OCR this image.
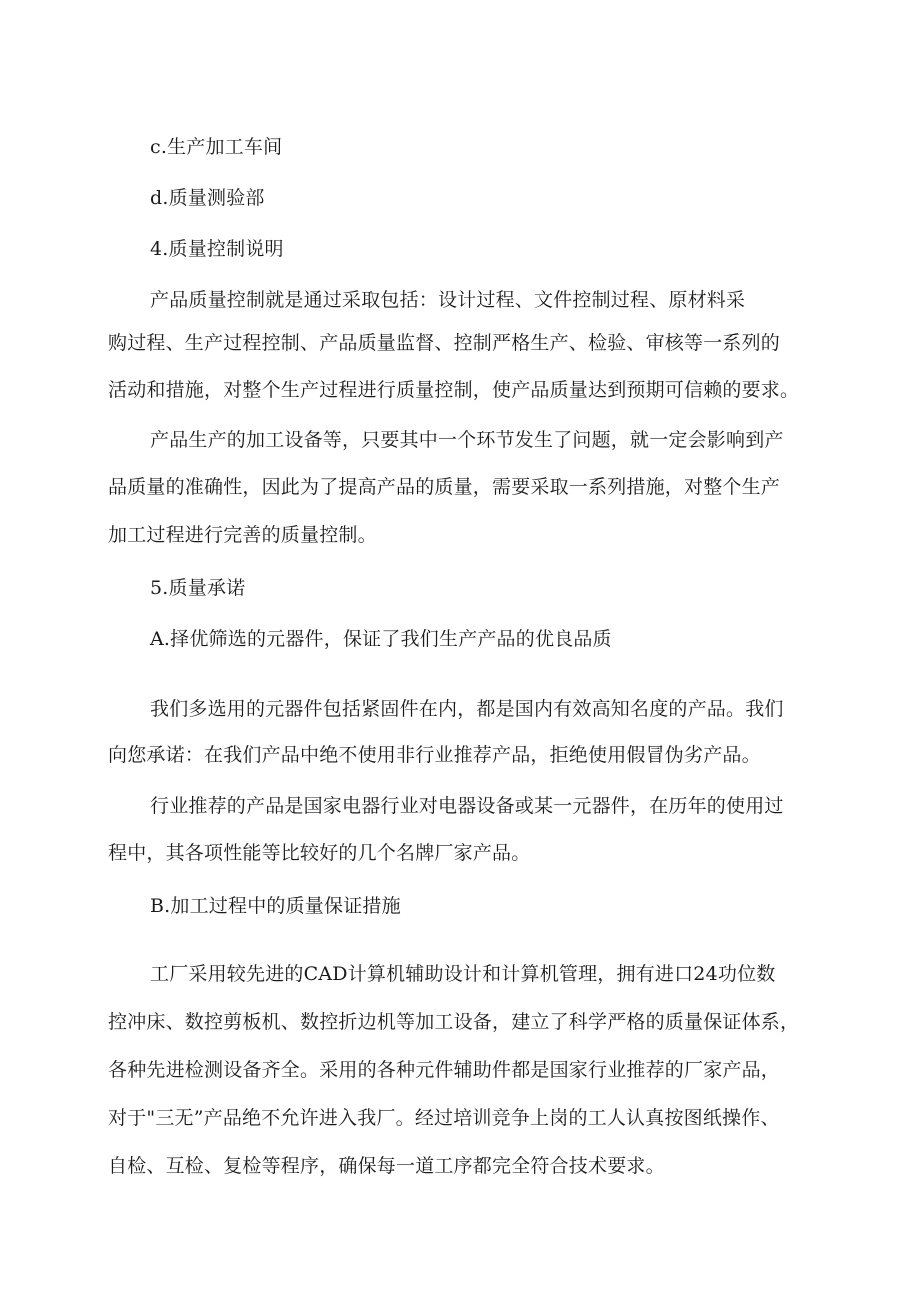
c.生产加工车间
d.质量测验部
4.质量控制说明
产品质量控制就是通过采取包括：设计过程、文件控制过程、原材料采
购过程、生产过程控制、产品质量监督、控制严格生产、检验、审核等一系列的
活动和措施，对整个生产过程进行质量控制，使产品质量达到预期可信赖的要求。
产品生产的加工设备等，只要其中一个环节发生了问题，就一定会影响到产
品质量的准确性，因此为了提高产品的质量，需要采取一系列措施，对整个生产
加工过程进行完善的质量控制。
5.质量承诺
A.择优筛选的元器件，保证了我们生产产品的优良品质
我们多选用的元器件包括紧固件在内，都是国内有效高知名度的产品。我们
向您承诺：在我们产品中绝不使用非行业推荐产品，拒绝使用假冒伪劣产品。
行业推荐的产品是国家电器行业对电器设备或某一元器件，在历年的使用过
程中，其各项性能等比较好的几个名牌厂家产品。
B.加工过程中的质量保证措施
工厂采用较先进的CAD计算机辅助设计和计算机管理，拥有进口24功位数
控冲床、数控剪板机、数控折边机等加工设备，建立了科学严格的质量保证体系，
各种先进检测设备齐全。采用的各种元件辅助件都是国家行业推荐的厂家产品，
对于"三无”产品绝不允许进入我厂。经过培训竞争上岗的工人认真按图纸操作、
自检、互检、复检等程序，确保每一道工序都完全符合技术要求。
